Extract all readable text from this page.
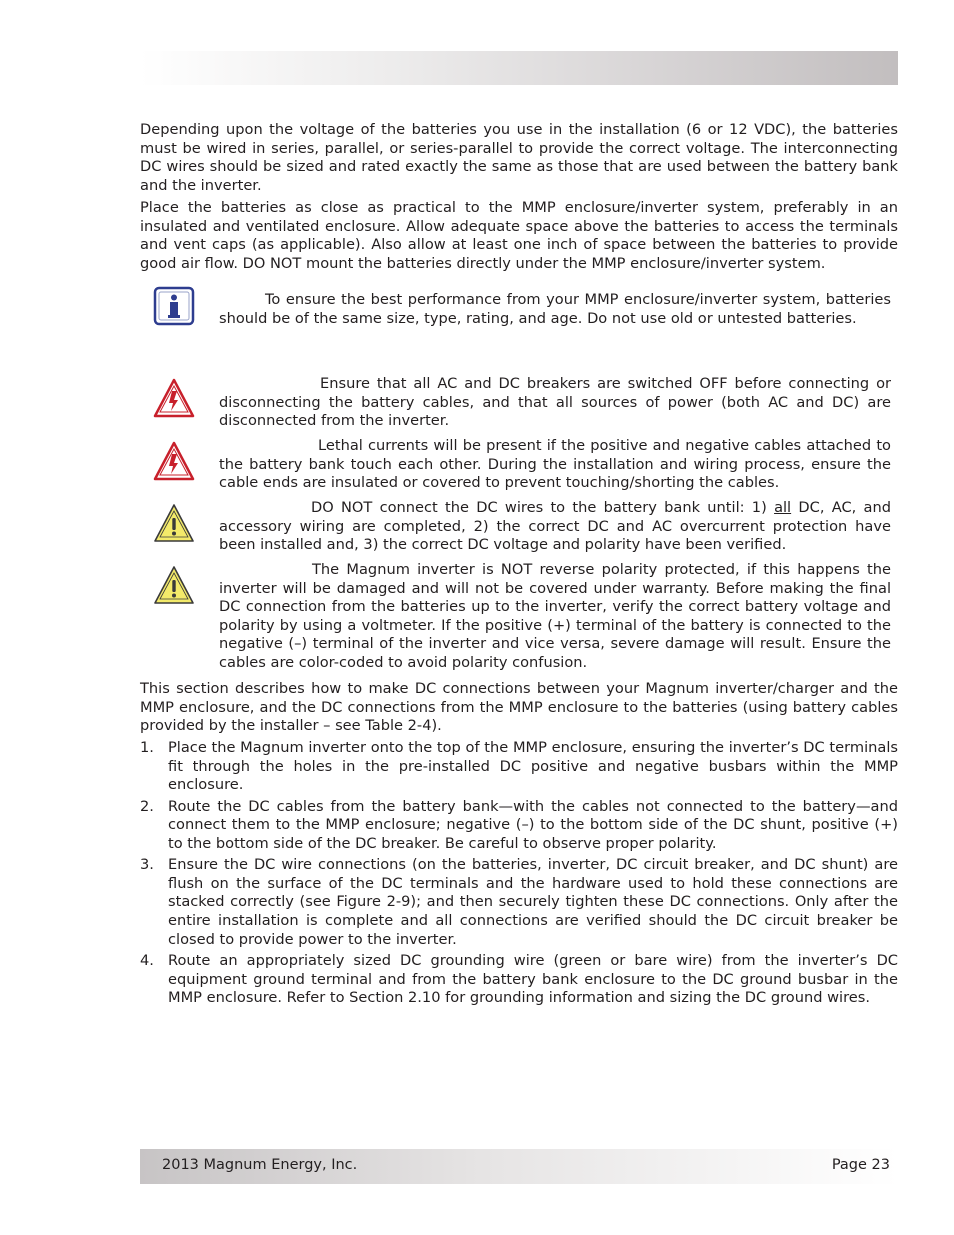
Depending upon the voltage of the batteries you use in the installation (6 or 12 VDC), the batteries must be wired in series, parallel, or series-parallel to provide the correct voltage. The interconnecting DC wires should be sized and rated exactly the same as those that are used between the battery bank and the inverter.

Place the batteries as close as practical to the MMP enclosure/inverter system, preferably in an insulated and ventilated enclosure. Allow adequate space above the batteries to access the terminals and vent caps (as applicable). Also allow at least one inch of space between the batteries to provide good air flow. DO NOT mount the batteries directly under the MMP enclosure/inverter system.

To ensure the best performance from your MMP enclosure/inverter system, batteries should be of the same size, type, rating, and age. Do not use old or untested batteries.

Ensure that all AC and DC breakers are switched OFF before connecting or disconnecting the battery cables, and that all sources of power (both AC and DC) are disconnected from the inverter.

Lethal currents will be present if the positive and negative cables attached to the battery bank touch each other. During the installation and wiring process, ensure the cable ends are insulated or covered to prevent touching/shorting the cables.

DO NOT connect the DC wires to the battery bank until: 1) all DC, AC, and accessory wiring are completed, 2) the correct DC and AC overcurrent protection have been installed and, 3) the correct DC voltage and polarity have been verified.

The Magnum inverter is NOT reverse polarity protected, if this happens the inverter will be damaged and will not be covered under warranty. Before making the final DC connection from the batteries up to the inverter, verify the correct battery voltage and polarity by using a voltmeter. If the positive (+) terminal of the battery is connected to the negative (–) terminal of the inverter and vice versa, severe damage will result. Ensure the cables are color-coded to avoid polarity confusion.

This section describes how to make DC connections between your Magnum inverter/charger and the MMP enclosure, and the DC connections from the MMP enclosure to the batteries (using battery cables provided by the installer – see Table 2-4).

1. Place the Magnum inverter onto the top of the MMP enclosure, ensuring the inverter’s DC terminals fit through the holes in the pre-installed DC positive and negative busbars within the MMP enclosure.
2. Route the DC cables from the battery bank—with the cables not connected to the battery—and connect them to the MMP enclosure; negative (–) to the bottom side of the DC shunt, positive (+) to the bottom side of the DC breaker. Be careful to observe proper polarity.
3. Ensure the DC wire connections (on the batteries, inverter, DC circuit breaker, and DC shunt) are flush on the surface of the DC terminals and the hardware used to hold these connections are stacked correctly (see Figure 2-9); and then securely tighten these DC connections. Only after the entire installation is complete and all connections are verified should the DC circuit breaker be closed to provide power to the inverter.
4. Route an appropriately sized DC grounding wire (green or bare wire) from the inverter’s DC equipment ground terminal and from the battery bank enclosure to the DC ground busbar in the MMP enclosure. Refer to Section 2.10 for grounding information and sizing the DC ground wires.
2013 Magnum Energy, Inc.	Page 23
